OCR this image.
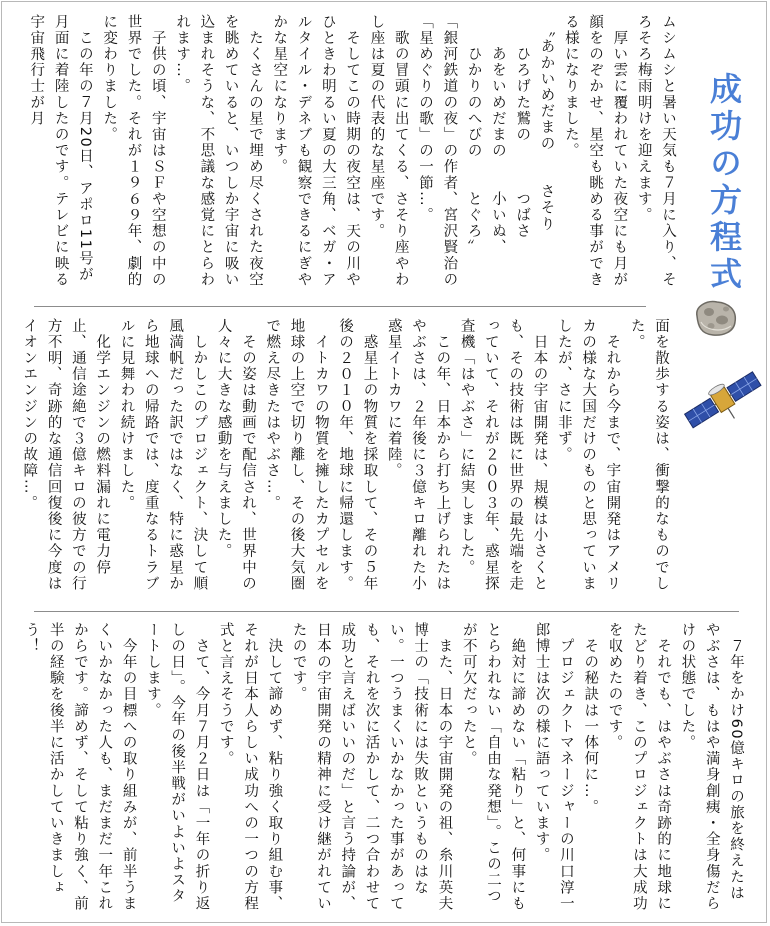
成功の方程式
ムシムシと暑い天気も７月に入り、そろそろ梅雨明けを迎えます。
　厚い雲に覆われていた夜空にも月が顔をのぞかせ、星空も眺める事ができる様になりました。
　〝あかいめだまの　　さそり
　　ひろげた鷲の　　　つばさ
　　あをいめだまの　　小いぬ、
　　ひかりのへびの　　とぐろ〟
「銀河鉄道の夜」の作者、宮沢賢治の「星めぐりの歌」の一節…。
　歌の冒頭に出てくる、さそり座やわし座は夏の代表的な星座です。
　そしてこの時期の夜空は、天の川やひときわ明るい夏の大三角、ベガ・アルタイル・デネブも観察できるにぎやかな星空になります。
　たくさんの星で埋め尽くされた夜空を眺めていると、いつしか宇宙に吸い込まれそうな、不思議な感覚にとらわれます…。
　子供の頃、宇宙はＳＦや空想の中の世界でした。それが１９６９年、劇的に変わりました。
　この年の７月20日、アポロ11号が月面に着陸したのです。テレビに映る宇宙飛行士が月
面を散歩する姿は、衝撃的なものでした。
　それから今まで、宇宙開発はアメリカの様な大国だけのものと思っていましたが、さに非ず。
　日本の宇宙開発は、規模は小さくとも、その技術は既に世界の最先端を走っていて、それが２００３年、惑星探査機「はやぶさ」に結実しました。
　この年、日本から打ち上げられたはやぶさは、２年後に３億キロ離れた小惑星イトカワに着陸。
　惑星上の物質を採取して、その５年後の２０１０年、地球に帰還します。
　イトカワの物質を擁したカプセルを地球の上空で切り離し、その後大気圏で燃え尽きたはやぶさ…。
　その姿は動画で配信され、世界中の人々に大きな感動を与えました。
　しかしこのプロジェクト、決して順風満帆だった訳ではなく、特に惑星から地球への帰路では、度重なるトラブルに見舞われ続けました。
　化学エンジンの燃料漏れに電力停止、通信途絶で３億キロの彼方での行方不明、奇跡的な通信回復後に今度はイオンエンジンの故障…。
　７年をかけ60億キロの旅を終えたはやぶさは、もはや満身創痍・全身傷だらけの状態でした。
　それでも、はやぶさは奇跡的に地球にたどり着き、このプロジェクトは大成功を収めたのです。
　その秘訣は一体何に…。
　プロジェクトマネージャーの川口淳一郎博士は次の様に語っています。
　絶対に諦めない「粘り」と、何事にもとらわれない「自由な発想」。この二つが不可欠だったと。
　また、日本の宇宙開発の祖、糸川英夫博士の「技術には失敗というものはない。一つうまくいかなかった事があっても、それを次に活かして、二つ合わせて成功と言えばいいのだ」と言う持論が、日本の宇宙開発の精神に受け継がれていたのです。
　決して諦めず、粘り強く取り組む事、それが日本人らしい成功への一つの方程式と言えそうです。
　さて、今月７月２日は「一年の折り返しの日」。今年の後半戦がいよいよスタートします。
　今年の目標への取り組みが、前半うまくいかなかった人も、まだまだ一年これからです。諦めず、そして粘り強く、前半の経験を後半に活かしていきましょう！
